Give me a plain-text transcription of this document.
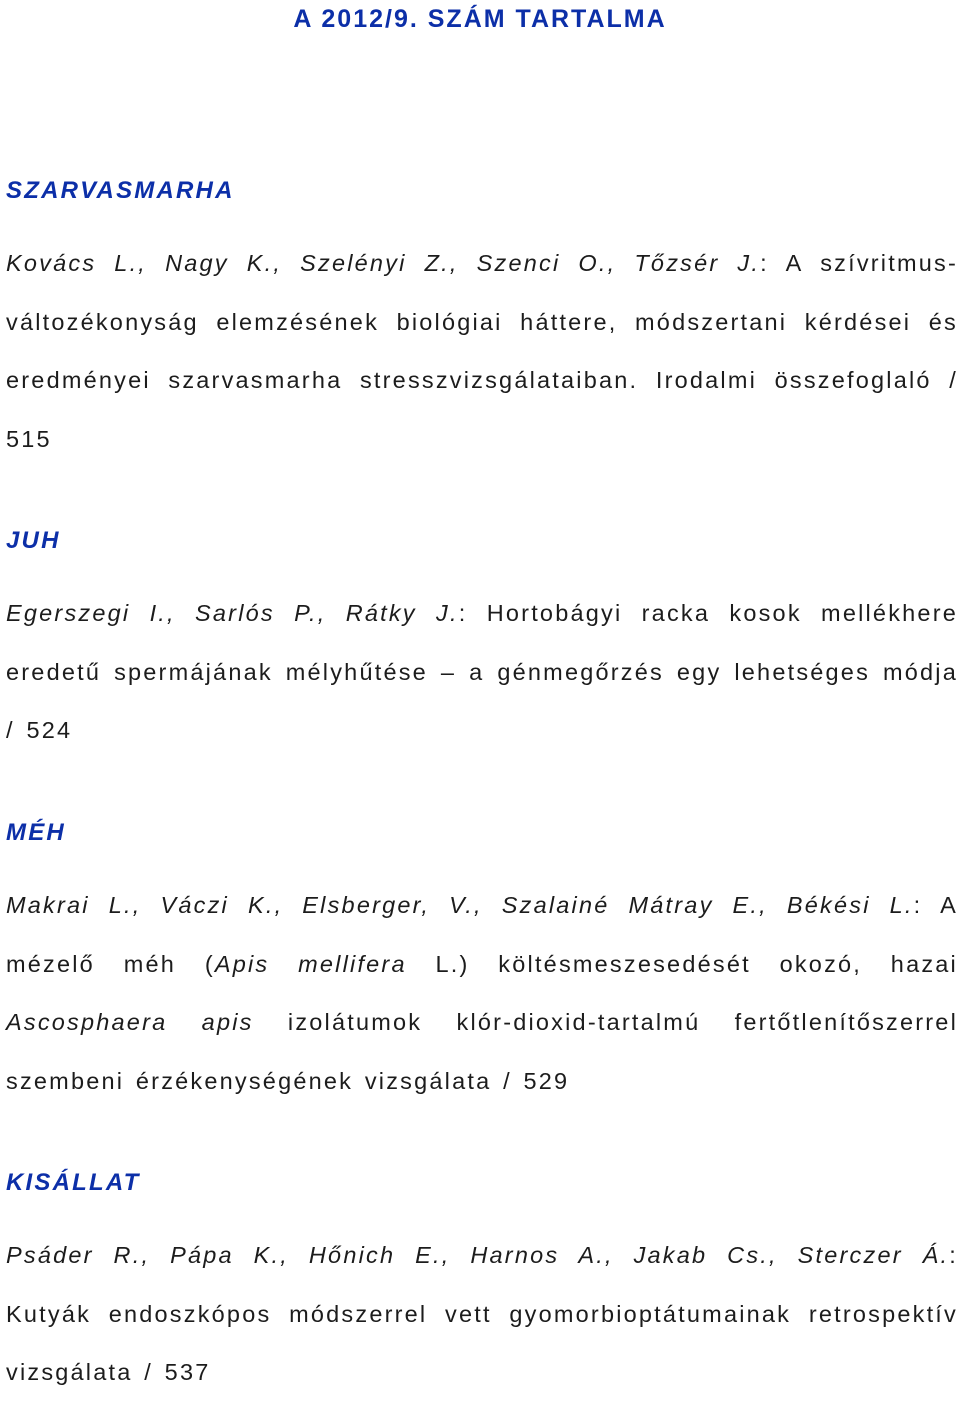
A 2012/9. SZÁM TARTALMA
SZARVASMARHA

Kovács L., Nagy K., Szelényi Z., Szenci O., Tőzsér J.: A szívritmus-változékonyság elemzésének biológiai háttere, módszertani kérdései és eredményei szarvasmarha stresszvizsgálataiban. Irodalmi összefoglaló / 515

JUH

Egerszegi I., Sarlós P., Rátky J.: Hortobágyi racka kosok mellékhere eredetű spermájának mélyhűtése – a génmegőrzés egy lehetséges módja / 524

MÉH

Makrai L., Váczi K., Elsberger, V., Szalainé Mátray E., Békési L.: A mézelő méh (Apis mellifera L.) költésmeszesedését okozó, hazai Ascosphaera apis izolátumok klór-dioxid-tartalmú fertőtlenítőszerrel szembeni érzékenységének vizsgálata / 529

KISÁLLAT

Psáder R., Pápa K., Hőnich E., Harnos A., Jakab Cs., Sterczer Á.: Kutyák endoszkópos módszerrel vett gyomorbioptátumainak retrospektív vizsgálata / 537
